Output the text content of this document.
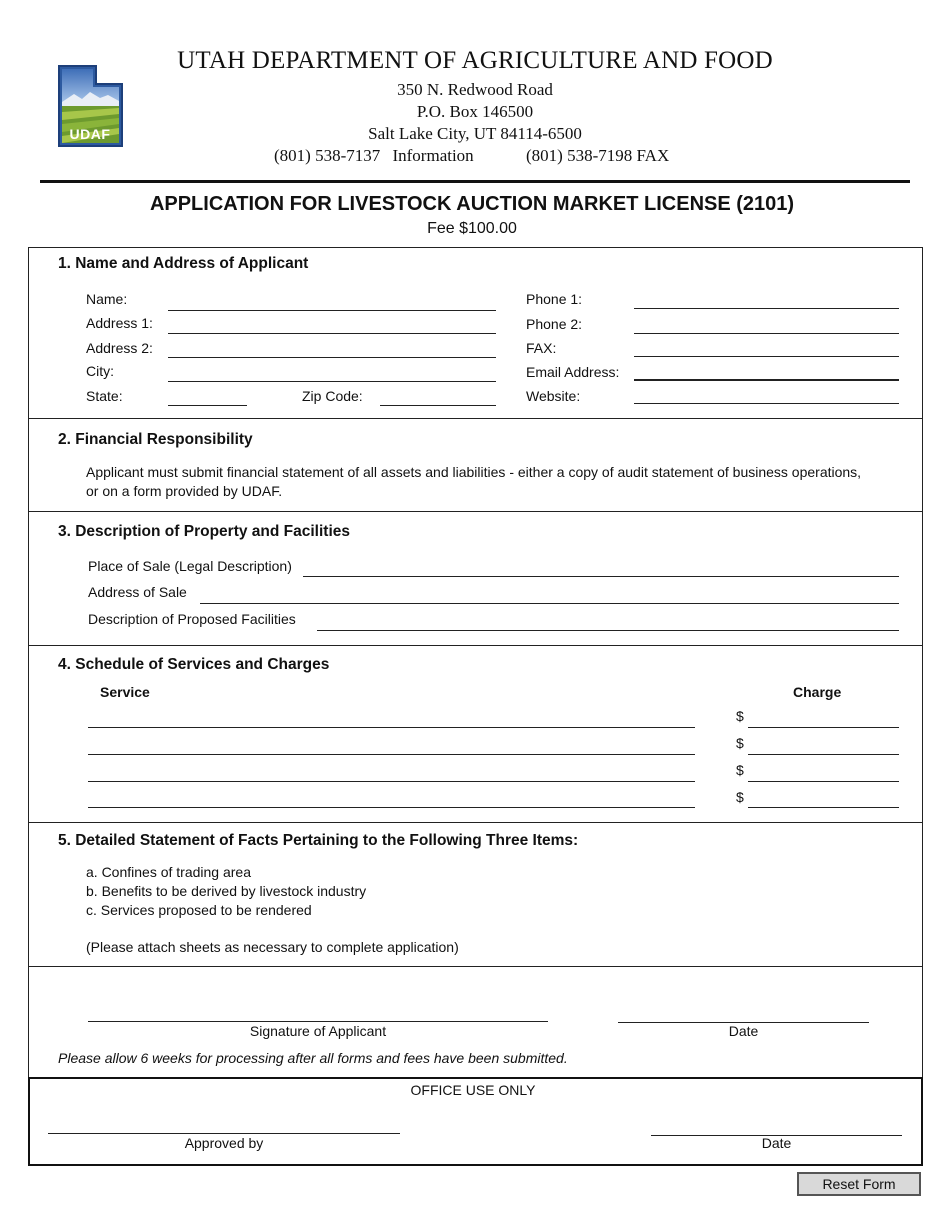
UDAF
UTAH DEPARTMENT OF AGRICULTURE AND FOOD
350 N. Redwood Road
P.O. Box 146500
Salt Lake City, UT 84114-6500
(801) 538-7137 Information	(801) 538-7198 FAX
APPLICATION FOR LIVESTOCK AUCTION MARKET LICENSE (2101)
Fee $100.00
1. Name and Address of Applicant
Name:
Address 1:
Address 2:
City:
State:	Zip Code:
Phone 1:
Phone 2:
FAX:
Email Address:
Website:
2. Financial Responsibility
Applicant must submit financial statement of all assets and liabilities - either a copy of audit statement of business operations,
or on a form provided by UDAF.
3. Description of Property and Facilities
Place of Sale (Legal Description)
Address of Sale
Description of Proposed Facilities
4. Schedule of Services and Charges
Service	Charge
$
$
$
$
5. Detailed Statement of Facts Pertaining to the Following Three Items:
a. Confines of trading area
b. Benefits to be derived by livestock industry
c. Services proposed to be rendered
(Please attach sheets as necessary to complete application)
Signature of Applicant	Date
Please allow 6 weeks for processing after all forms and fees have been submitted.
OFFICE USE ONLY
Approved by	Date
Reset Form
